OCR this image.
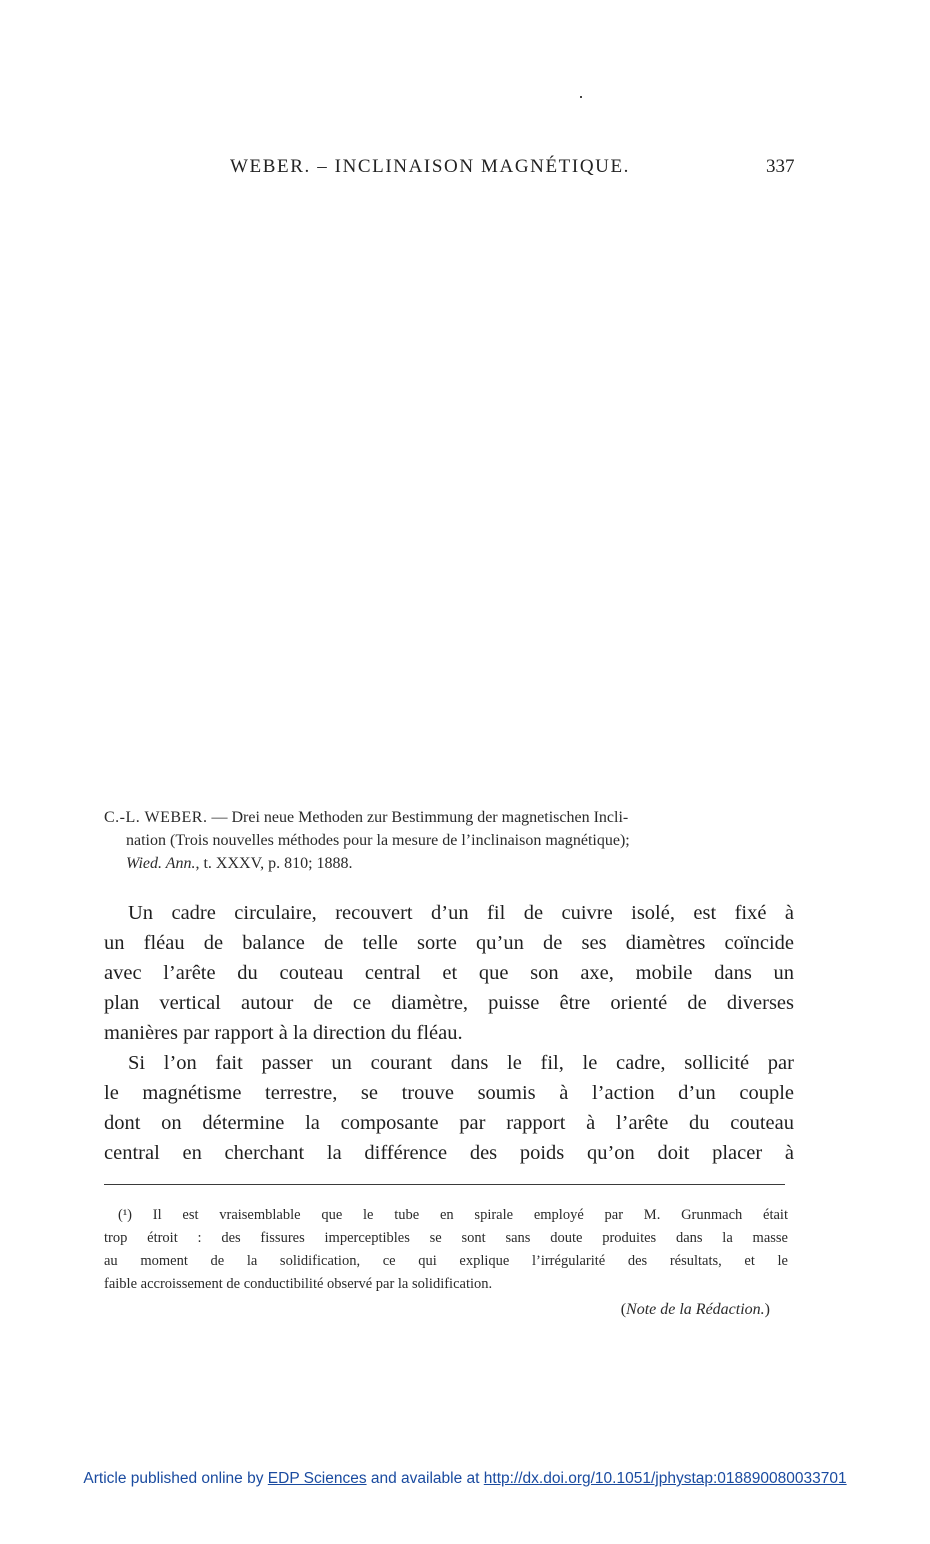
WEBER. – INCLINAISON MAGNÉTIQUE.	337
C.-L. WEBER. — Drei neue Methoden zur Bestimmung der magnetischen Incli-
nation (Trois nouvelles méthodes pour la mesure de l’inclinaison magnétique);
Wied. Ann., t. XXXV, p. 810; 1888.
Un cadre circulaire, recouvert d’un fil de cuivre isolé, est fixé à
un fléau de balance de telle sorte qu’un de ses diamètres coïncide
avec l’arête du couteau central et que son axe, mobile dans un
plan vertical autour de ce diamètre, puisse être orienté de diverses
manières par rapport à la direction du fléau.
Si l’on fait passer un courant dans le fil, le cadre, sollicité par
le magnétisme terrestre, se trouve soumis à l’action d’un couple
dont on détermine la composante par rapport à l’arête du couteau
central en cherchant la différence des poids qu’on doit placer à
(¹) Il est vraisemblable que le tube en spirale employé par M. Grunmach était
trop étroit : des fissures imperceptibles se sont sans doute produites dans la masse
au moment de la solidification, ce qui explique l’irrégularité des résultats, et le
faible accroissement de conductibilité observé par la solidification.
(Note de la Rédaction.)
Article published online by EDP Sciences and available at http://dx.doi.org/10.1051/jphystap:018890080033701
